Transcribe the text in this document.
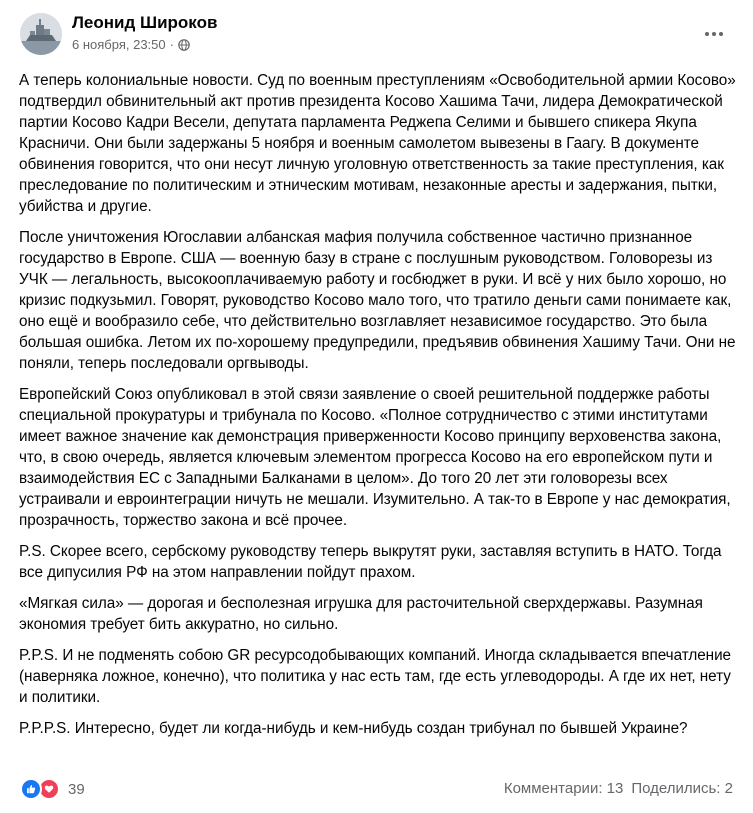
Леонид Широков
6 ноября, 23:50 ·

А теперь колониальные новости. Суд по военным преступлениям «Освободительной армии Косово» подтвердил обвинительный акт против президента Косово Хашима Тачи, лидера Демократической партии Косово Кадри Весели, депутата парламента Реджепа Селими и бывшего спикера Якупа Красничи. Они были задержаны 5 ноября и военным самолетом вывезены в Гаагу. В документе обвинения говорится, что они несут личную уголовную ответственность за такие преступления, как преследование по политическим и этническим мотивам, незаконные аресты и задержания, пытки, убийства и другие.

После уничтожения Югославии албанская мафия получила собственное частично признанное государство в Европе. США — военную базу в стране с послушным руководством. Головорезы из УЧК — легальность, высокооплачиваемую работу и госбюджет в руки. И всё у них было хорошо, но кризис подкузьмил. Говорят, руководство Косово мало того, что тратило деньги сами понимаете как, оно ещё и вообразило себе, что действительно возглавляет независимое государство. Это была большая ошибка. Летом их по-хорошему предупредили, предъявив обвинения Хашиму Тачи. Они не поняли, теперь последовали оргвыводы.

Европейский Союз опубликовал в этой связи заявление о своей решительной поддержке работы специальной прокуратуры и трибунала по Косово. «Полное сотрудничество с этими институтами имеет важное значение как демонстрация приверженности Косово принципу верховенства закона, что, в свою очередь, является ключевым элементом прогресса Косово на его европейском пути и взаимодействия ЕС с Западными Балканами в целом». До того 20 лет эти головорезы всех устраивали и евроинтеграции ничуть не мешали. Изумительно. А так-то в Европе у нас демократия, прозрачность, торжество закона и всё прочее.

P.S. Скорее всего, сербскому руководству теперь выкрутят руки, заставляя вступить в НАТО. Тогда все дипусилия РФ на этом направлении пойдут прахом.

«Мягкая сила» — дорогая и бесполезная игрушка для расточительной сверхдержавы. Разумная экономия требует бить аккуратно, но сильно.

P.P.S. И не подменять собою GR ресурсодобывающих компаний. Иногда складывается впечатление (наверняка ложное, конечно), что политика у нас есть там, где есть углеводороды. А где их нет, нету и политики.

P.P.P.S. Интересно, будет ли когда-нибудь и кем-нибудь создан трибунал по бывшей Украине?

39	Комментарии: 13 Поделились: 2
